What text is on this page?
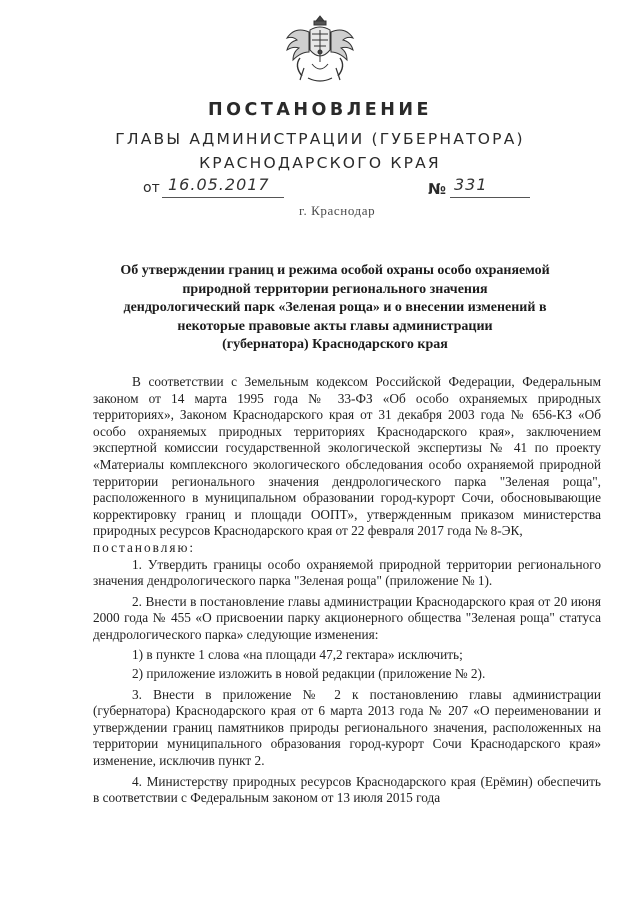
ПОСТАНОВЛЕНИЕ
ГЛАВЫ АДМИНИСТРАЦИИ (ГУБЕРНАТОРА)
КРАСНОДАРСКОГО КРАЯ
от 16.05.2017	№ 331
г. Краснодар
Об утверждении границ и режима особой охраны особо охраняемой
природной территории регионального значения
дендрологический парк «Зеленая роща» и о внесении изменений в
некоторые правовые акты главы администрации
(губернатора) Краснодарского края

В соответствии с Земельным кодексом Российской Федерации, Федеральным законом от 14 марта 1995 года № 33-ФЗ «Об особо охраняемых природных территориях», Законом Краснодарского края от 31 декабря 2003 года № 656-КЗ «Об особо охраняемых природных территориях Краснодарского края», заключением экспертной комиссии государственной экологической экспертизы № 41 по проекту «Материалы комплексного экологического обследования особо охраняемой природной территории регионального значения дендрологического парка "Зеленая роща", расположенного в муниципальном образовании город-курорт Сочи, обосновывающие корректировку границ и площади ООПТ», утвержденным приказом министерства природных ресурсов Краснодарского края от 22 февраля 2017 года № 8-ЭК,

постановляю:

1. Утвердить границы особо охраняемой природной территории регионального значения дендрологического парка "Зеленая роща" (приложение № 1).

2. Внести в постановление главы администрации Краснодарского края от 20 июня 2000 года № 455 «О присвоении парку акционерного общества "Зеленая роща" статуса дендрологического парка» следующие изменения:

1) в пункте 1 слова «на площади 47,2 гектара» исключить;

2) приложение изложить в новой редакции (приложение № 2).

3. Внести в приложение № 2 к постановлению главы администрации (губернатора) Краснодарского края от 6 марта 2013 года № 207 «О переименовании и утверждении границ памятников природы регионального значения, расположенных на территории муниципального образования город-курорт Сочи Краснодарского края» изменение, исключив пункт 2.

4. Министерству природных ресурсов Краснодарского края (Ерёмин) обеспечить в соответствии с Федеральным законом от 13 июля 2015 года
